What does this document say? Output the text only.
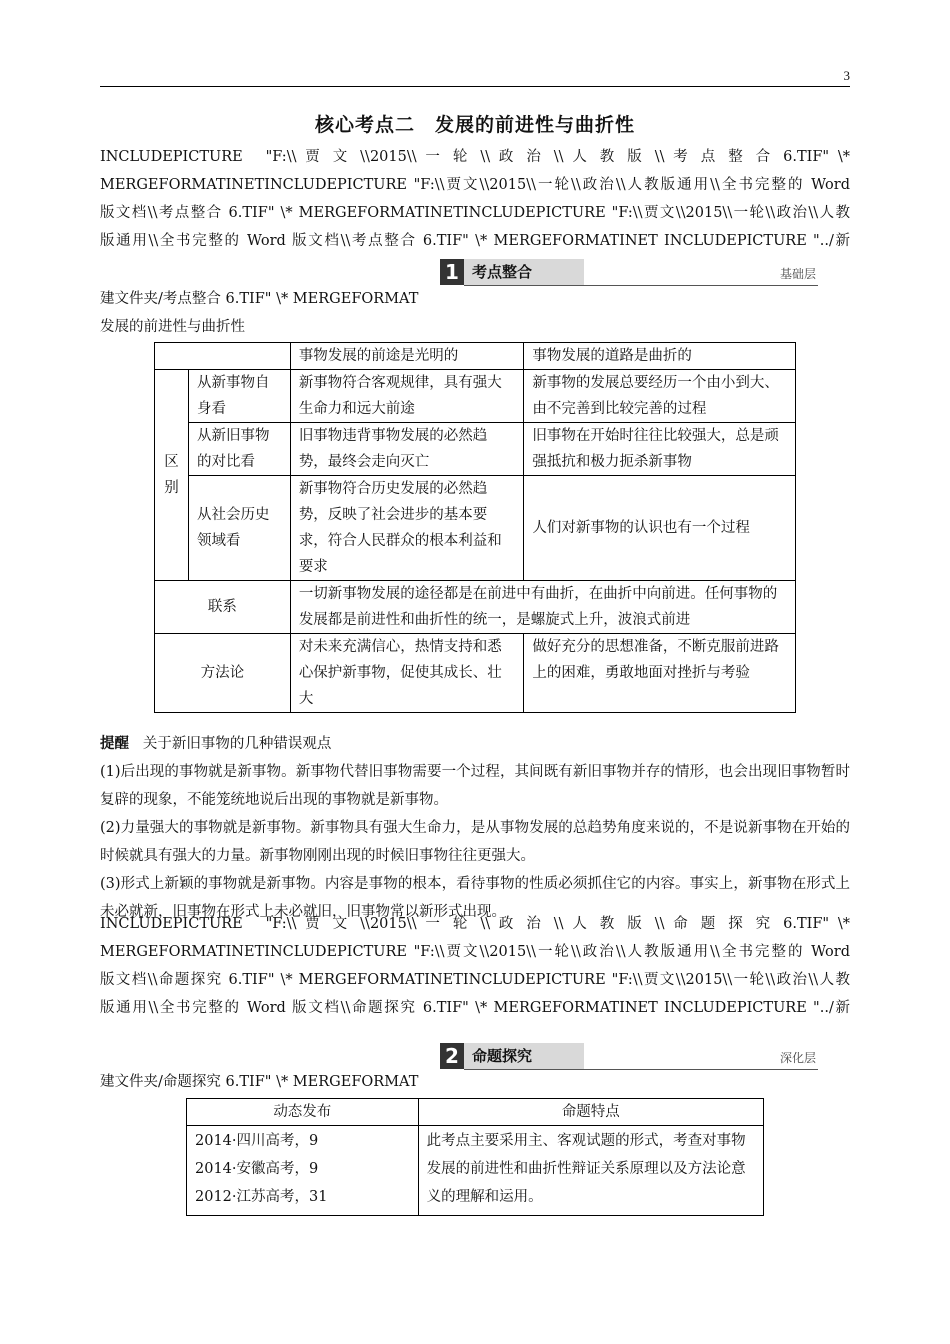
3
核心考点二　发展的前进性与曲折性
INCLUDEPICTURE　"F:\\ 贾 文 \\2015\\ 一 轮 \\ 政 治 \\ 人 教 版 \\ 考 点 整 合 6.TIF" \*
MERGEFORMATINETINCLUDEPICTURE "F:\\贾文\\2015\\一轮\\政治\\人教版通用\\全书完整的 Word
版文档\\考点整合 6.TIF" \* MERGEFORMATINETINCLUDEPICTURE "F:\\贾文\\2015\\一轮\\政治\\人教
版通用\\全书完整的 Word 版文档\\考点整合 6.TIF" \* MERGEFORMATINET INCLUDEPICTURE "../新
1 考点整合	基础层
建文件夹/考点整合 6.TIF" \* MERGEFORMAT
发展的前进性与曲折性
		事物发展的前途是光明的	事物发展的道路是曲折的
区
别	从新事物自身看	新事物符合客观规律，具有强大生命力和远大前途	新事物的发展总要经历一个由小到大、由不完善到比较完善的过程
	从新旧事物的对比看	旧事物违背事物发展的必然趋势，最终会走向灭亡	旧事物在开始时往往比较强大，总是顽强抵抗和极力扼杀新事物
	从社会历史领域看	新事物符合历史发展的必然趋势，反映了社会进步的基本要求，符合人民群众的根本利益和要求	人们对新事物的认识也有一个过程
联系		一切新事物发展的途径都是在前进中有曲折，在曲折中向前进。任何事物的发展都是前进性和曲折性的统一，是螺旋式上升，波浪式前进	
方法论		对未来充满信心，热情支持和悉心保护新事物，促使其成长、壮大	做好充分的思想准备，不断克服前进路上的困难，勇敢地面对挫折与考验
提醒 关于新旧事物的几种错误观点
(1)后出现的事物就是新事物。新事物代替旧事物需要一个过程，其间既有新旧事物并存的情形，也会出现旧事物暂时复辟的现象，不能笼统地说后出现的事物就是新事物。
(2)力量强大的事物就是新事物。新事物具有强大生命力，是从事物发展的总趋势角度来说的，不是说新事物在开始的时候就具有强大的力量。新事物刚刚出现的时候旧事物往往更强大。
(3)形式上新颖的事物就是新事物。内容是事物的根本，看待事物的性质必须抓住它的内容。事实上，新事物在形式上未必就新，旧事物在形式上未必就旧，旧事物常以新形式出现。
INCLUDEPICTURE　"F:\\ 贾 文 \\2015\\ 一 轮 \\ 政 治 \\ 人 教 版 \\ 命 题 探 究 6.TIF" \*
MERGEFORMATINETINCLUDEPICTURE "F:\\贾文\\2015\\一轮\\政治\\人教版通用\\全书完整的 Word
版文档\\命题探究 6.TIF" \* MERGEFORMATINETINCLUDEPICTURE "F:\\贾文\\2015\\一轮\\政治\\人教
版通用\\全书完整的 Word 版文档\\命题探究 6.TIF" \* MERGEFORMATINET INCLUDEPICTURE "../新
2 命题探究	深化层
建文件夹/命题探究 6.TIF" \* MERGEFORMAT
动态发布	命题特点

2014·四川高考，9
2014·安徽高考，9
2012·江苏高考，31	此考点主要采用主、客观试题的形式，考查对事物发展的前进性和曲折性辩证关系原理以及方法论意义的理解和运用。
